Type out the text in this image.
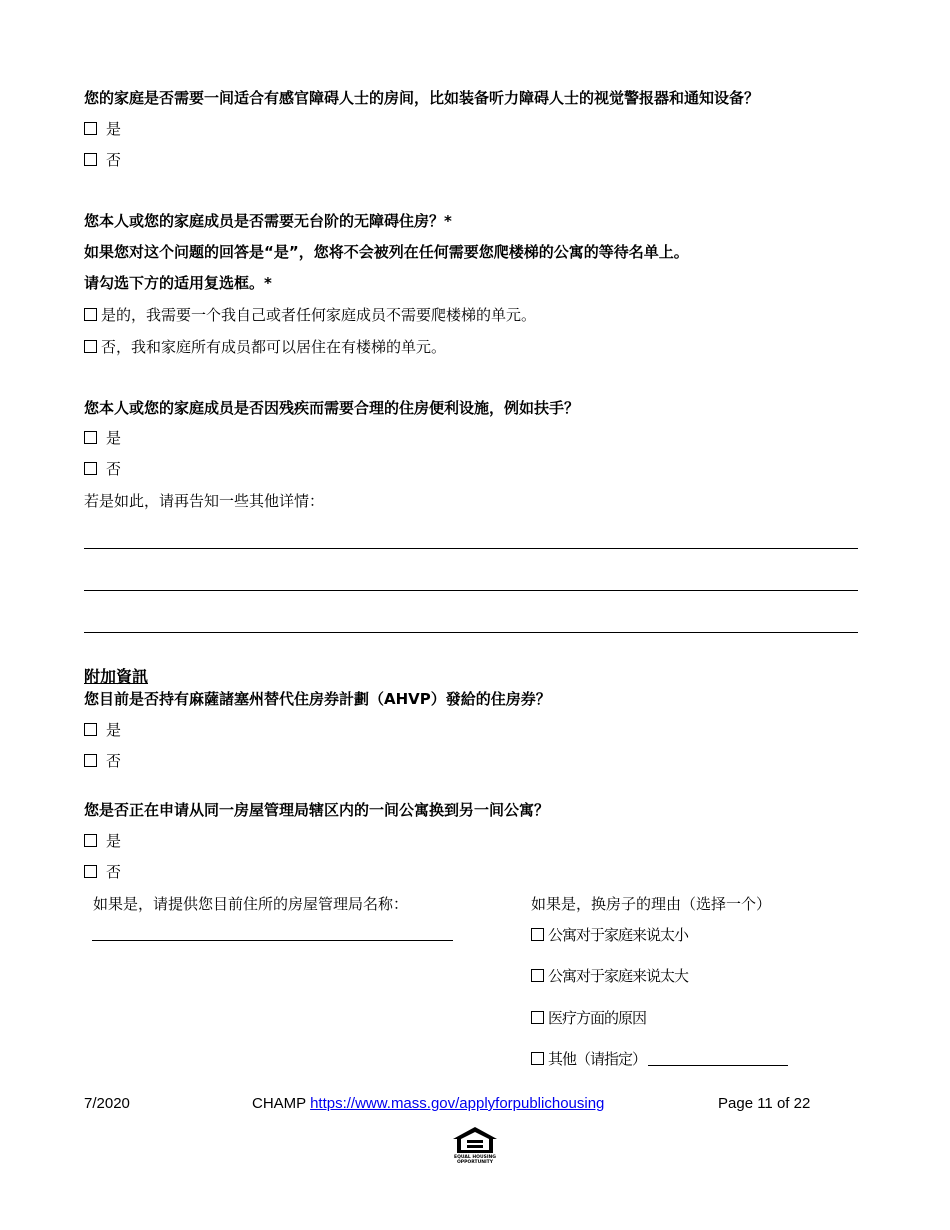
您的家庭是否需要一间适合有感官障碍人士的房间，比如装备听力障碍人士的视觉警报器和通知设备？
是
否
您本人或您的家庭成员是否需要无台阶的无障碍住房？*
如果您对这个问题的回答是“是”，您将不会被列在任何需要您爬楼梯的公寓的等待名单上。
请勾选下方的适用复选框。*
是的，我需要一个我自己或者任何家庭成员不需要爬楼梯的单元。
否，我和家庭所有成员都可以居住在有楼梯的单元。
您本人或您的家庭成员是否因残疾而需要合理的住房便利设施，例如扶手？
是
否
若是如此，请再告知一些其他详情：
附加資訊
您目前是否持有麻薩諸塞州替代住房券計劃（AHVP）發給的住房券？
是
否
您是否正在申请从同一房屋管理局辖区内的一间公寓换到另一间公寓？
是
否
如果是，请提供您目前住所的房屋管理局名称：	如果是，换房子的理由（选择一个）
公寓对于家庭来说太小
公寓对于家庭来说太大
医疗方面的原因
其他（请指定）
7/2020	CHAMP https://www.mass.gov/applyforpublichousing	Page 11 of 22
EQUAL HOUSING
OPPORTUNITY
